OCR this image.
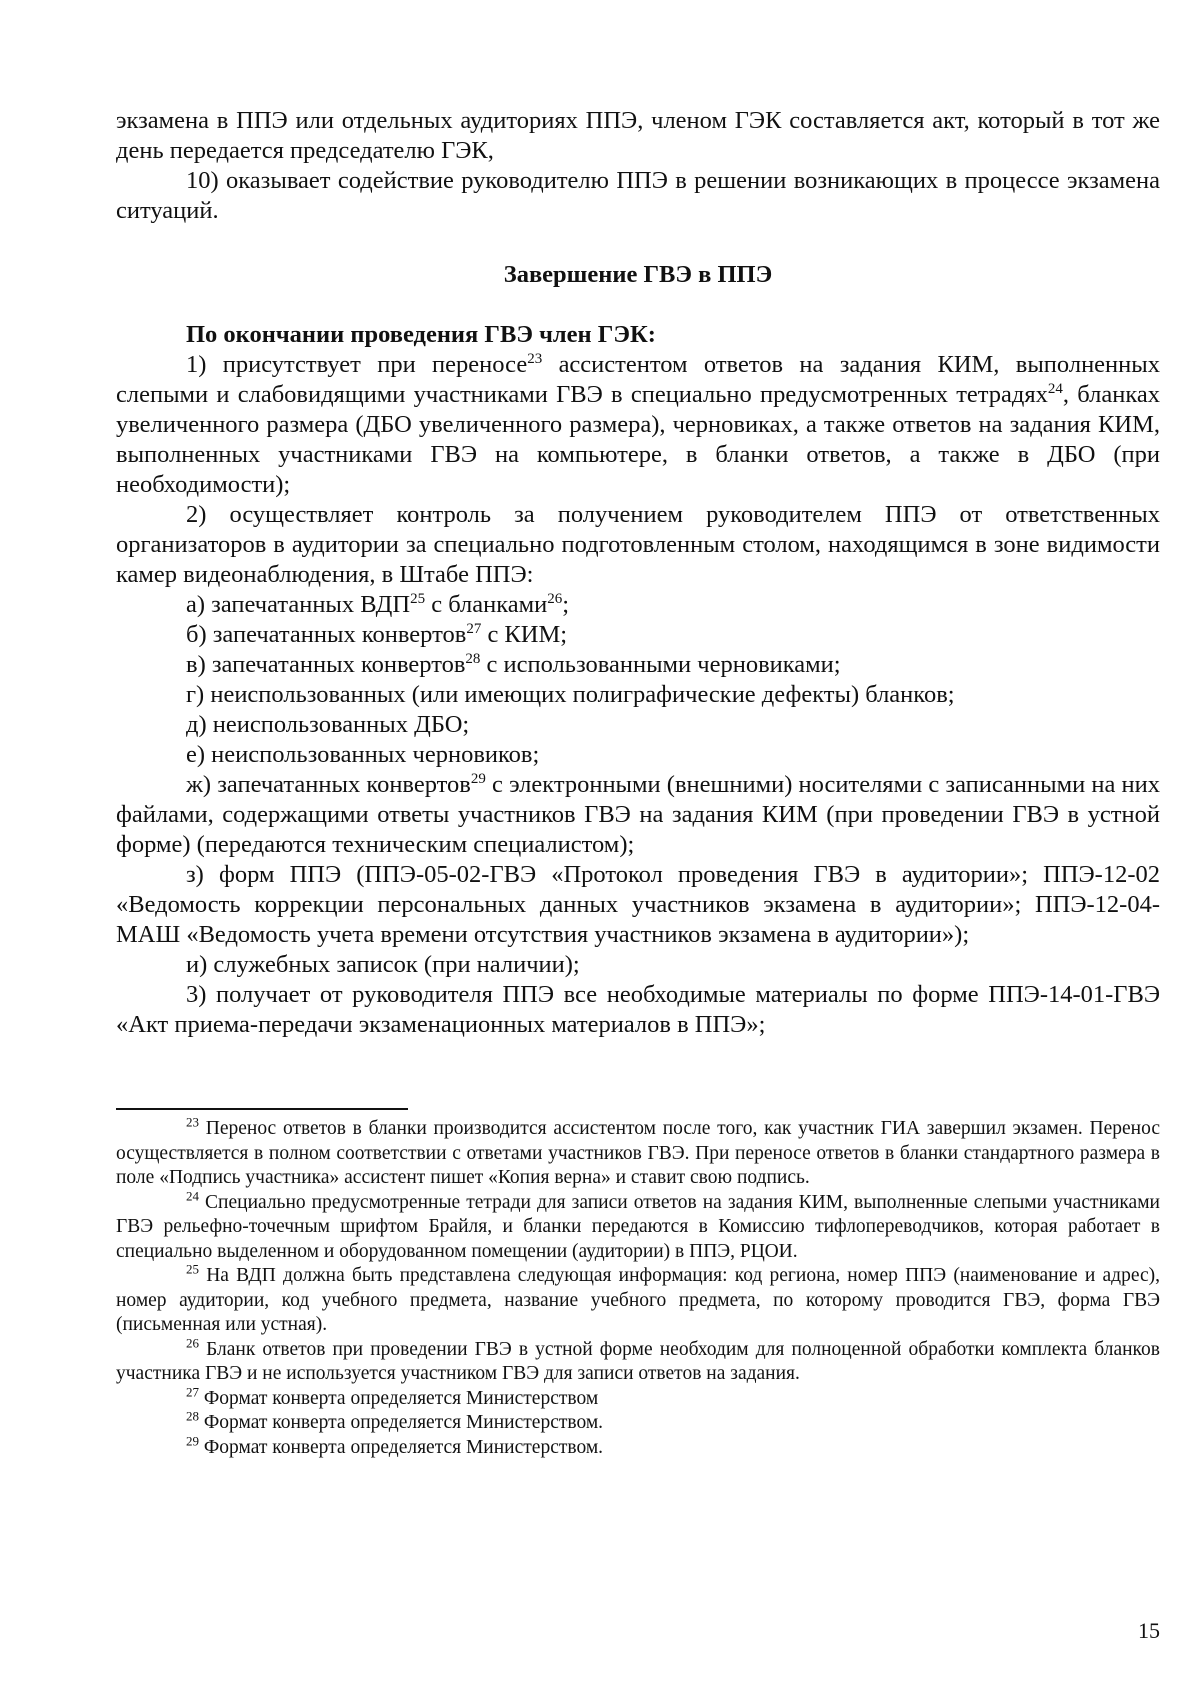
экзамена в ППЭ или отдельных аудиториях ППЭ, членом ГЭК составляется акт, который в тот же день передается председателю ГЭК,

10) оказывает содействие руководителю ППЭ в решении возникающих в процессе экзамена ситуаций.

Завершение ГВЭ в ППЭ

По окончании проведения ГВЭ член ГЭК:

1) присутствует при переносе$^{23}$ ассистентом ответов на задания КИМ, выполненных слепыми и слабовидящими участниками ГВЭ в специально предусмотренных тетрадях$^{24}$, бланках увеличенного размера (ДБО увеличенного размера), черновиках, а также ответов на задания КИМ, выполненных участниками ГВЭ на компьютере, в бланки ответов, а также в ДБО (при необходимости);

2) осуществляет контроль за получением руководителем ППЭ от ответственных организаторов в аудитории за специально подготовленным столом, находящимся в зоне видимости камер видеонаблюдения, в Штабе ППЭ:

а) запечатанных ВДП$^{25}$ с бланками$^{26}$;

б) запечатанных конвертов$^{27}$ с КИМ;

в) запечатанных конвертов$^{28}$ с использованными черновиками;

г) неиспользованных (или имеющих полиграфические дефекты) бланков;

д) неиспользованных ДБО;

е) неиспользованных черновиков;

ж) запечатанных конвертов$^{29}$ с электронными (внешними) носителями с записанными на них файлами, содержащими ответы участников ГВЭ на задания КИМ (при проведении ГВЭ в устной форме) (передаются техническим специалистом);

з) форм ППЭ (ППЭ-05-02-ГВЭ «Протокол проведения ГВЭ в аудитории»; ППЭ-12-02 «Ведомость коррекции персональных данных участников экзамена в аудитории»; ППЭ-12-04-МАШ «Ведомость учета времени отсутствия участников экзамена в аудитории»);

и) служебных записок (при наличии);

3) получает от руководителя ППЭ все необходимые материалы по форме ППЭ-14-01-ГВЭ «Акт приема-передачи экзаменационных материалов в ППЭ»;

$^{23}$ Перенос ответов в бланки производится ассистентом после того, как участник ГИА завершил экзамен. Перенос осуществляется в полном соответствии с ответами участников ГВЭ. При переносе ответов в бланки стандартного размера в поле «Подпись участника» ассистент пишет «Копия верна» и ставит свою подпись.

$^{24}$ Специально предусмотренные тетради для записи ответов на задания КИМ, выполненные слепыми участниками ГВЭ рельефно-точечным шрифтом Брайля, и бланки передаются в Комиссию тифлопереводчиков, которая работает в специально выделенном и оборудованном помещении (аудитории) в ППЭ, РЦОИ.

$^{25}$ На ВДП должна быть представлена следующая информация: код региона, номер ППЭ (наименование и адрес), номер аудитории, код учебного предмета, название учебного предмета, по которому проводится ГВЭ, форма ГВЭ (письменная или устная).

$^{26}$ Бланк ответов при проведении ГВЭ в устной форме необходим для полноценной обработки комплекта бланков участника ГВЭ и не используется участником ГВЭ для записи ответов на задания.

$^{27}$ Формат конверта определяется Министерством

$^{28}$ Формат конверта определяется Министерством.

$^{29}$ Формат конверта определяется Министерством.

15
